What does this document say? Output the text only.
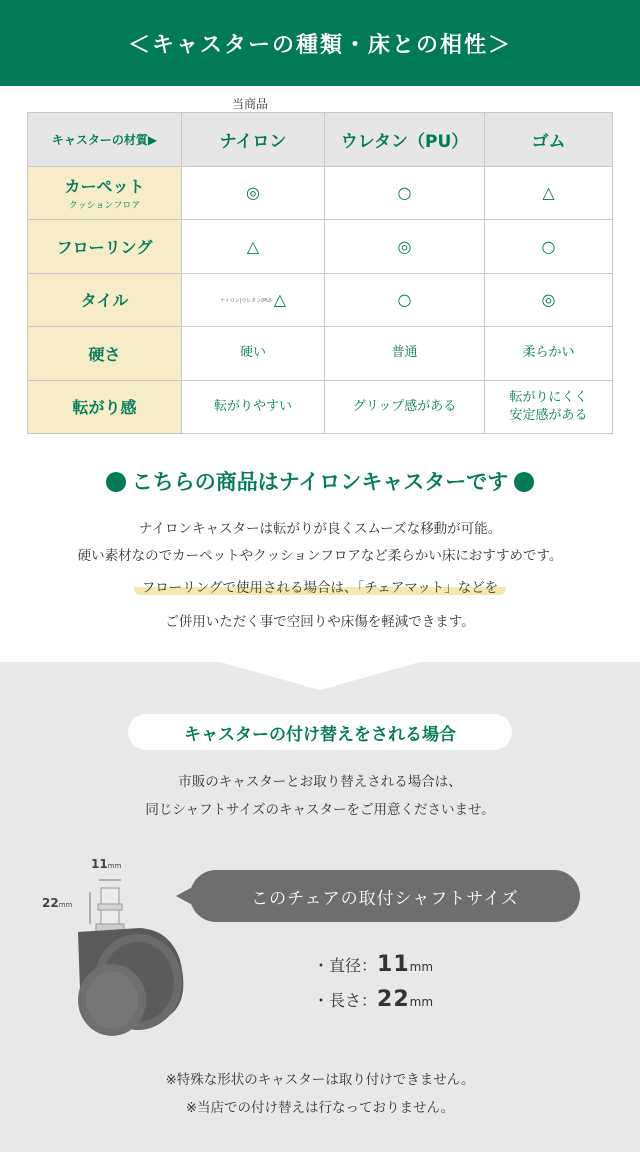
＜キャスターの種類・床との相性＞
当商品
キャスターの材質▶	ナイロン	ウレタン（PU）	ゴム
カーペット
クッションフロア	◎	○	△
フローリング	△	◎	○
タイル	ナイロン|ウレタン(PU) △	○	◎
硬さ	硬い	普通	柔らかい
転がり感	転がりやすい	グリップ感がある	転がりにくく
安定感がある
こちらの商品はナイロンキャスターです
ナイロンキャスターは転がりが良くスムーズな移動が可能。
硬い素材なのでカーペットやクッションフロアなど柔らかい床におすすめです。
フローリングで使用される場合は、「チェアマット」などを
ご併用いただく事で空回りや床傷を軽減できます。
キャスターの付け替えをされる場合
市販のキャスターとお取り替えされる場合は、
同じシャフトサイズのキャスターをご用意くださいませ。
11mm
22mm	このチェアの取付シャフトサイズ
・直径：11mm
・長さ：22mm
※特殊な形状のキャスターは取り付けできません。
※当店での付け替えは行なっておりません。
